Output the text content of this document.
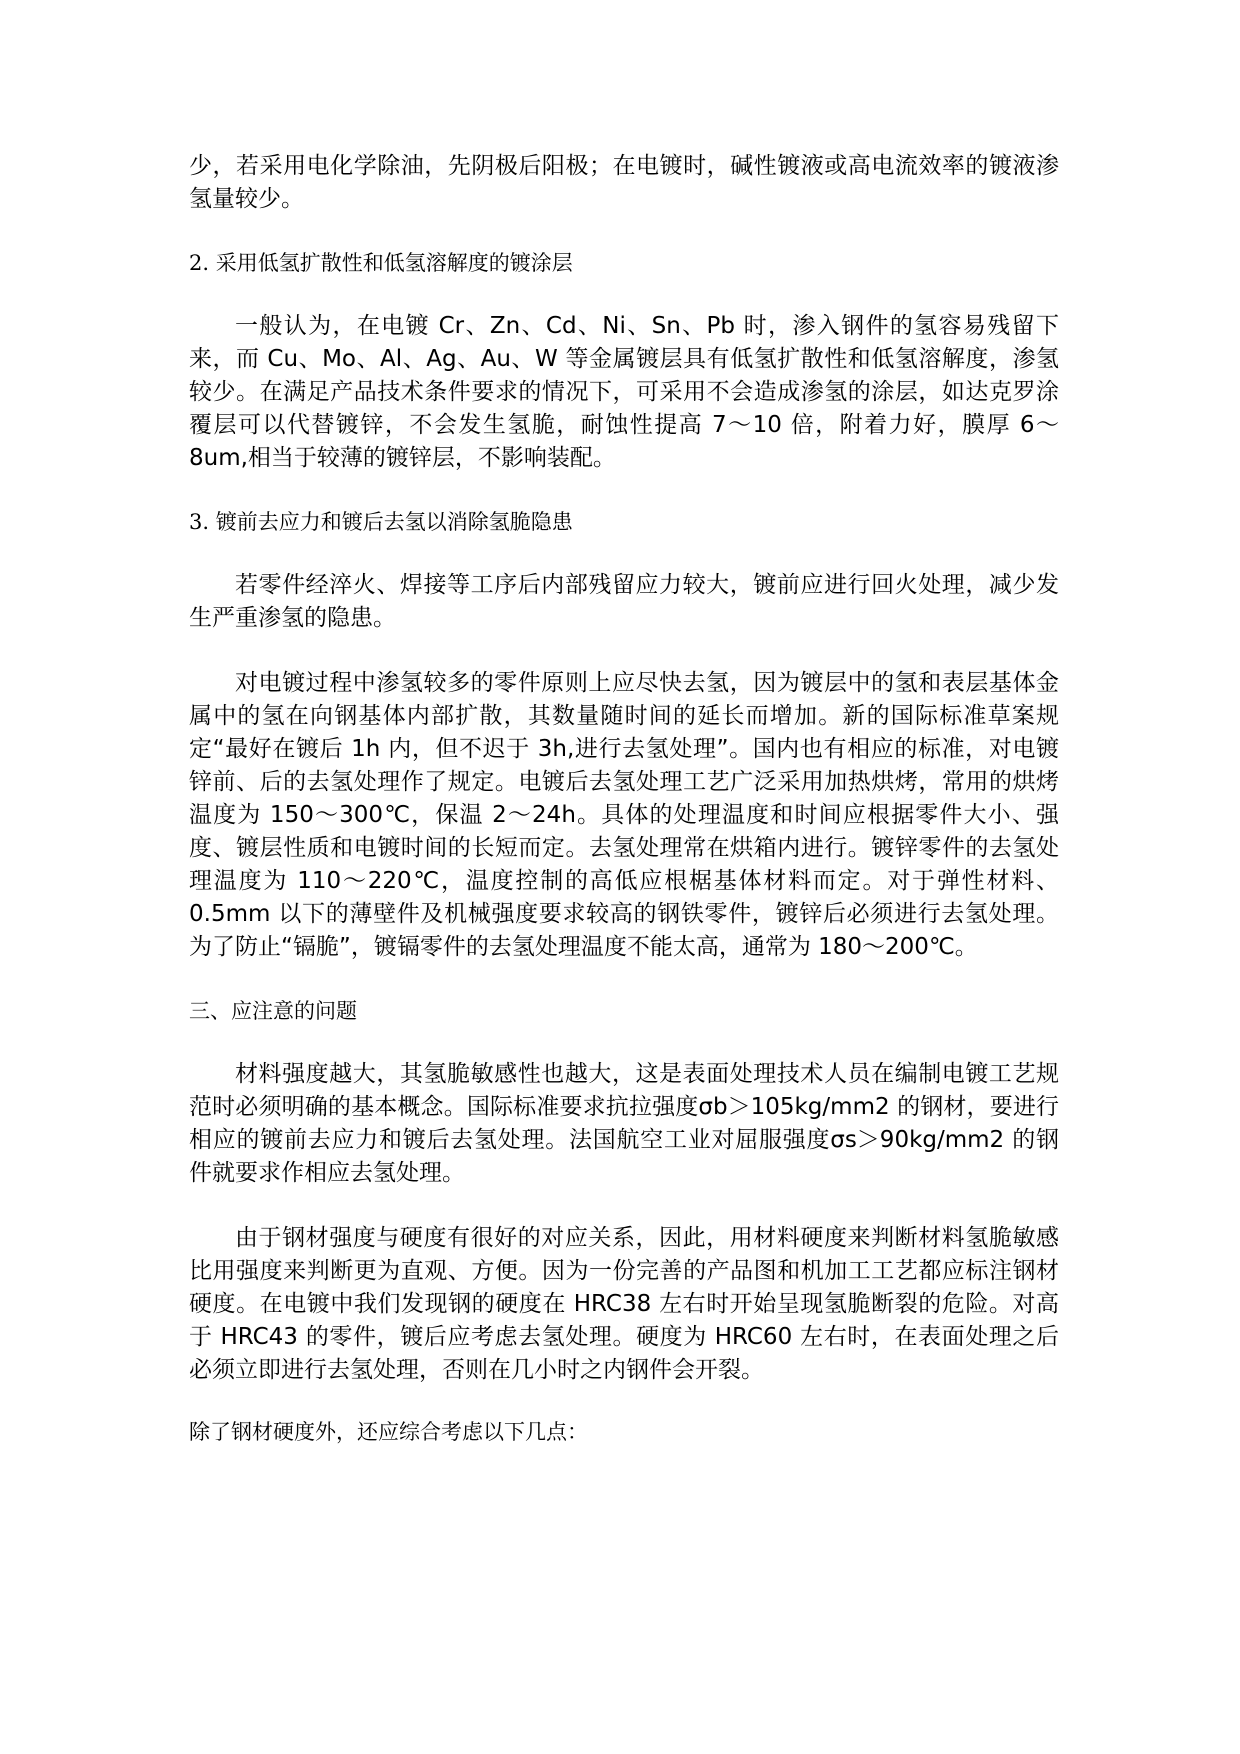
少，若采用电化学除油，先阴极后阳极；在电镀时，碱性镀液或高电流效率的镀液渗氢量较少。

2. 采用低氢扩散性和低氢溶解度的镀涂层

一般认为，在电镀 Cr、Zn、Cd、Ni、Sn、Pb 时，渗入钢件的氢容易残留下来，而 Cu、Mo、Al、Ag、Au、W 等金属镀层具有低氢扩散性和低氢溶解度，渗氢较少。在满足产品技术条件要求的情况下，可采用不会造成渗氢的涂层，如达克罗涂覆层可以代替镀锌，不会发生氢脆，耐蚀性提高 7～10 倍，附着力好，膜厚 6～8um,相当于较薄的镀锌层，不影响装配。

3. 镀前去应力和镀后去氢以消除氢脆隐患

若零件经淬火、焊接等工序后内部残留应力较大，镀前应进行回火处理，减少发生严重渗氢的隐患。

对电镀过程中渗氢较多的零件原则上应尽快去氢，因为镀层中的氢和表层基体金属中的氢在向钢基体内部扩散，其数量随时间的延长而增加。新的国际标准草案规定“最好在镀后 1h 内，但不迟于 3h,进行去氢处理”。国内也有相应的标准，对电镀锌前、后的去氢处理作了规定。电镀后去氢处理工艺广泛采用加热烘烤，常用的烘烤温度为 150～300℃，保温 2～24h。具体的处理温度和时间应根据零件大小、强度、镀层性质和电镀时间的长短而定。去氢处理常在烘箱内进行。镀锌零件的去氢处理温度为 110～220℃，温度控制的高低应根椐基体材料而定。对于弹性材料、0.5mm 以下的薄壁件及机械强度要求较高的钢铁零件，镀锌后必须进行去氢处理。为了防止“镉脆”，镀镉零件的去氢处理温度不能太高，通常为 180～200℃。

三、应注意的问题

材料强度越大，其氢脆敏感性也越大，这是表面处理技术人员在编制电镀工艺规范时必须明确的基本概念。国际标准要求抗拉强度σb＞105kg/mm2 的钢材，要进行相应的镀前去应力和镀后去氢处理。法国航空工业对屈服强度σs＞90kg/mm2 的钢件就要求作相应去氢处理。

由于钢材强度与硬度有很好的对应关系，因此，用材料硬度来判断材料氢脆敏感比用强度来判断更为直观、方便。因为一份完善的产品图和机加工工艺都应标注钢材硬度。在电镀中我们发现钢的硬度在 HRC38 左右时开始呈现氢脆断裂的危险。对高于 HRC43 的零件，镀后应考虑去氢处理。硬度为 HRC60 左右时，在表面处理之后必须立即进行去氢处理，否则在几小时之内钢件会开裂。

除了钢材硬度外，还应综合考虑以下几点：
